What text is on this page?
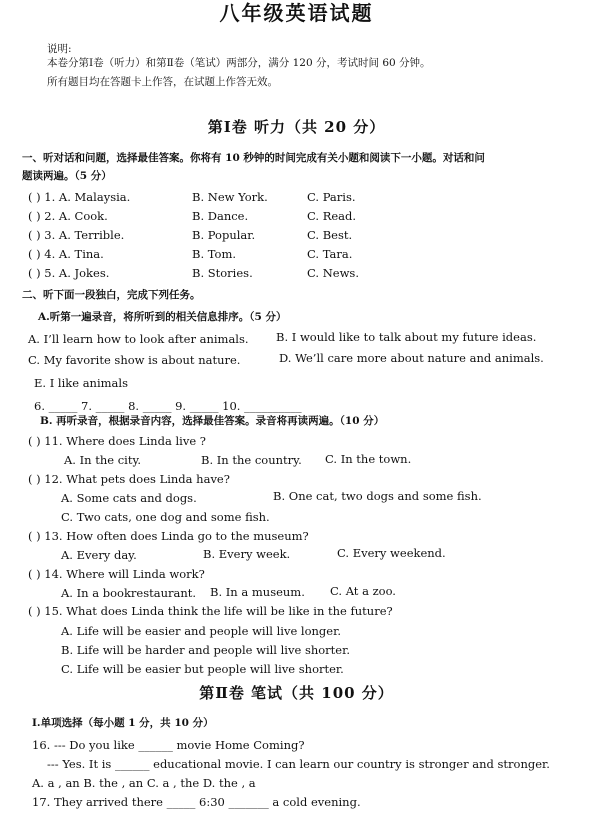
八年级英语试题
说明:
本卷分第Ⅰ卷（听力）和第Ⅱ卷（笔试）两部分，满分 120 分，考试时间 60 分钟。
所有题目均在答题卡上作答，在试题上作答无效。
第Ⅰ卷 听力（共 20 分）
一、听对话和问题，选择最佳答案。你将有 10 秒钟的时间完成有关小题和阅读下一小题。对话和问
题读两遍。（5 分）
( ) 1. A. Malaysia.	B. New York.	C. Paris.
( ) 2. A. Cook.	B. Dance.	C. Read.
( ) 3. A. Terrible.	B. Popular.	C. Best.
( ) 4. A. Tina.	B. Tom.	C. Tara.
( ) 5. A. Jokes.	B. Stories.	C. News.
二、听下面一段独白，完成下列任务。
A.听第一遍录音，将所听到的相关信息排序。（5 分）
A. I’ll learn how to look after animals. B. I would like to talk about my future ideas.
C. My favorite show is about nature.	D. We’ll care more about nature and animals.
E. I like animals
6. _____ 7. _____ 8. _____ 9. _____ 10. __________
B. 再听录音，根据录音内容，选择最佳答案。录音将再读两遍。（10 分）
( ) 11. Where does Linda live ?
A. In the city.	B. In the country. C. In the town.
( ) 12. What pets does Linda have?
A. Some cats and dogs.	B. One cat, two dogs and some fish.
C. Two cats, one dog and some fish.
( ) 13. How often does Linda go to the museum?
A. Every day.	B. Every week.	C. Every weekend.
( ) 14. Where will Linda work?
A. In a bookrestaurant. B. In a museum. C. At a zoo.
( ) 15. What does Linda think the life will be like in the future?
A. Life will be easier and people will live longer.
B. Life will be harder and people will live shorter.
C. Life will be easier but people will live shorter.
第Ⅱ卷 笔试（共 100 分）
Ⅰ.单项选择（每小题 1 分，共 10 分）
16. --- Do you like ______ movie Home Coming?
--- Yes. It is ______ educational movie. I can learn our country is stronger and stronger.
A. a , an B. the , an C. a , the D. the , a
17. They arrived there _____ 6:30 _______ a cold evening.
